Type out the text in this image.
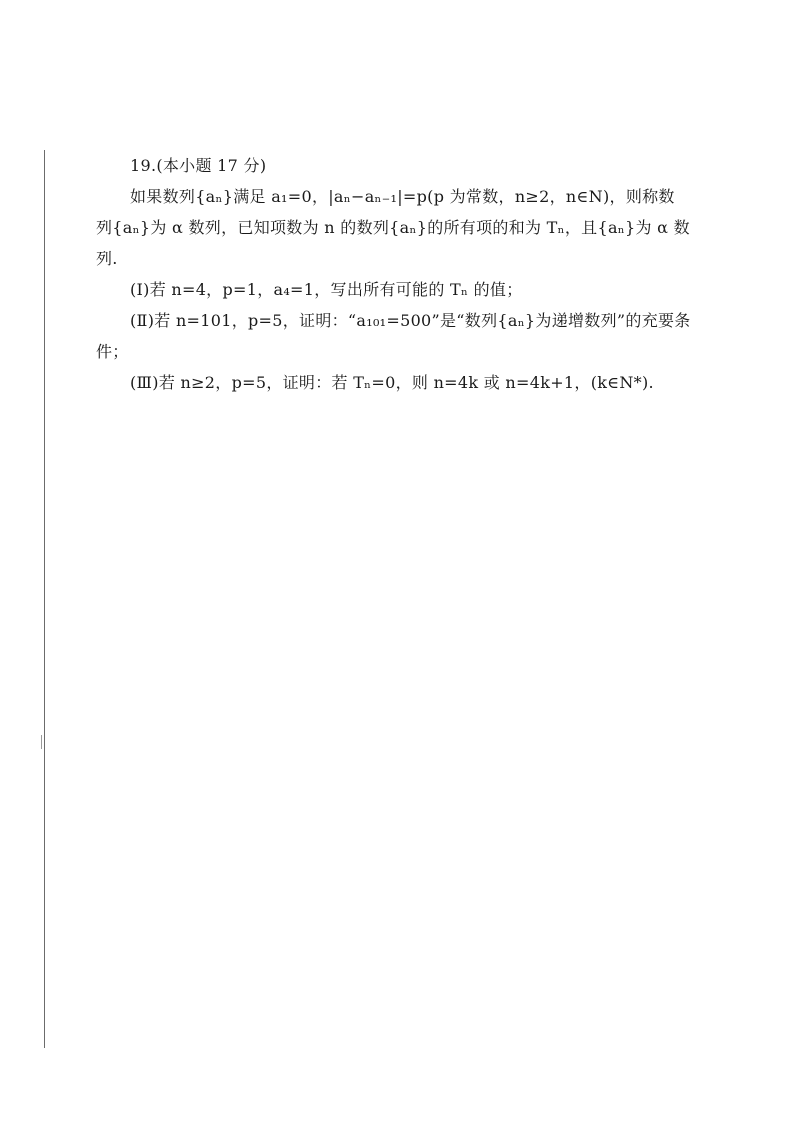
19.(本小题 17 分)

如果数列{aₙ}满足 a₁=0，|aₙ−aₙ₋₁|=p(p 为常数，n≥2，n∈N)，则称数

列{aₙ}为 α 数列，已知项数为 n 的数列{aₙ}的所有项的和为 Tₙ，且{aₙ}为 α 数

列.

(Ⅰ)若 n=4，p=1，a₄=1，写出所有可能的 Tₙ 的值；

(Ⅱ)若 n=101，p=5，证明：“a₁₀₁=500”是“数列{aₙ}为递增数列”的充要条

件；

(Ⅲ)若 n≥2，p=5，证明：若 Tₙ=0，则 n=4k 或 n=4k+1，(k∈N*).
